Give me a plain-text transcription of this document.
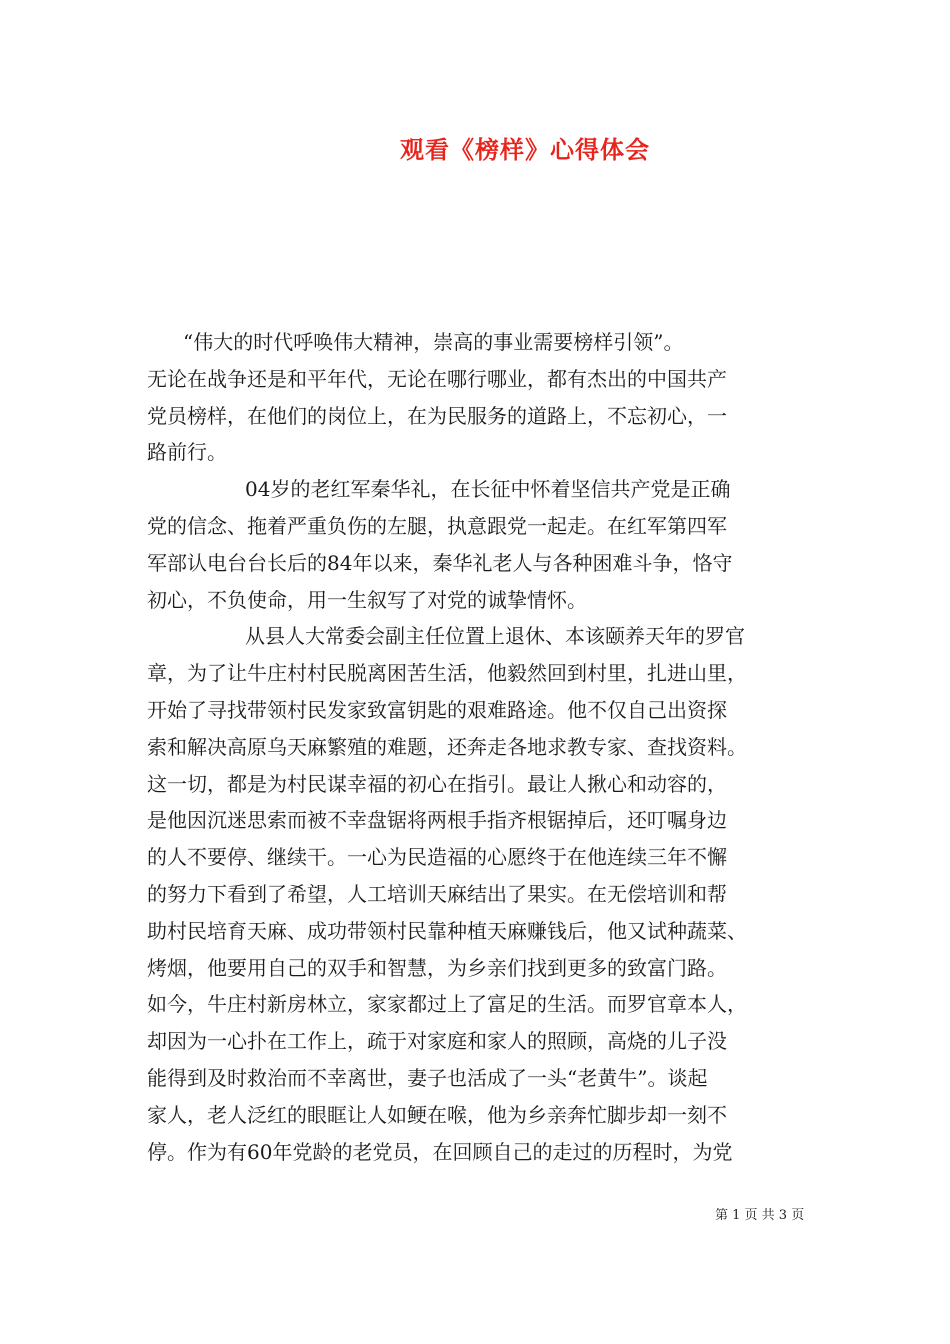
观看《榜样》心得体会
“伟大的时代呼唤伟大精神，崇高的事业需要榜样引领”。
无论在战争还是和平年代，无论在哪行哪业，都有杰出的中国共产
党员榜样，在他们的岗位上，在为民服务的道路上，不忘初心，一
路前行。
04岁的老红军秦华礼，在长征中怀着坚信共产党是正确
党的信念、拖着严重负伤的左腿，执意跟党一起走。在红军第四军
军部认电台台长后的84年以来，秦华礼老人与各种困难斗争，恪守
初心，不负使命，用一生叙写了对党的诚挚情怀。
从县人大常委会副主任位置上退休、本该颐养天年的罗官
章，为了让牛庄村村民脱离困苦生活，他毅然回到村里，扎进山里，
开始了寻找带领村民发家致富钥匙的艰难路途。他不仅自己出资探
索和解决高原乌天麻繁殖的难题，还奔走各地求教专家、查找资料。
这一切，都是为村民谋幸福的初心在指引。最让人揪心和动容的，
是他因沉迷思索而被不幸盘锯将两根手指齐根锯掉后，还叮嘱身边
的人不要停、继续干。一心为民造福的心愿终于在他连续三年不懈
的努力下看到了希望，人工培训天麻结出了果实。在无偿培训和帮
助村民培育天麻、成功带领村民靠种植天麻赚钱后，他又试种蔬菜、
烤烟，他要用自己的双手和智慧，为乡亲们找到更多的致富门路。
如今，牛庄村新房林立，家家都过上了富足的生活。而罗官章本人，
却因为一心扑在工作上，疏于对家庭和家人的照顾，高烧的儿子没
能得到及时救治而不幸离世，妻子也活成了一头“老黄牛”。谈起
家人，老人泛红的眼眶让人如鲠在喉，他为乡亲奔忙脚步却一刻不
停。作为有60年党龄的老党员，在回顾自己的走过的历程时，为党
第 1 页 共 3 页
